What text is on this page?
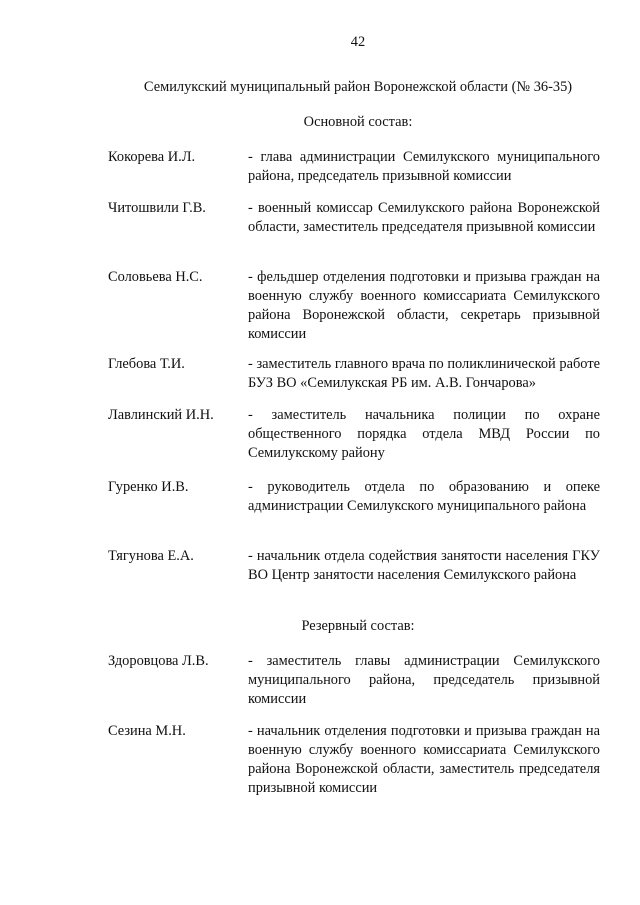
42
Семилукский муниципальный район Воронежской области (№ 36-35)
Основной состав:
Кокорева И.Л.	- глава администрации Семилукского муниципального района, председатель призывной комиссии
Читошвили Г.В.	- военный комиссар Семилукского района Воронежской области, заместитель председателя призывной комиссии
Соловьева Н.С.	- фельдшер отделения подготовки и призыва граждан на военную службу военного комиссариата Семилукского района Воронежской области, секретарь призывной комиссии
Глебова Т.И.	- заместитель главного врача по поликлинической работе БУЗ ВО «Семилукская РБ им. А.В. Гончарова»
Лавлинский И.Н. - заместитель начальника полиции по охране общественного порядка отдела МВД России по Семилукскому району
Гуренко И.В.	- руководитель отдела по образованию и опеке администрации Семилукского муниципального района
Тягунова Е.А.	- начальник отдела содействия занятости населения ГКУ ВО Центр занятости населения Семилукского района
Резервный состав:
Здоровцова Л.В.	- заместитель главы администрации Семилукского муниципального района, председатель призывной комиссии
Сезина М.Н.	- начальник отделения подготовки и призыва граждан на военную службу военного комиссариата Семилукского района Воронежской области, заместитель председателя призывной комиссии
